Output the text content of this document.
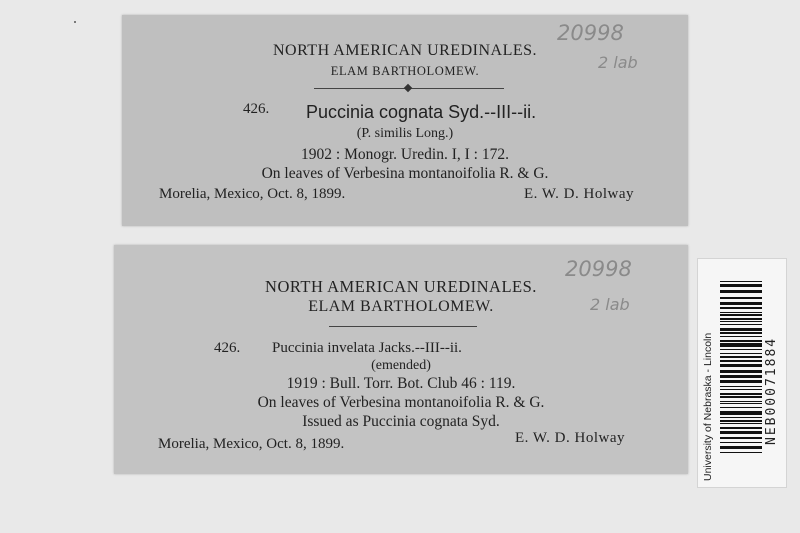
20998
2 lab
NORTH AMERICAN UREDINALES.
ELAM BARTHOLOMEW.
426. Puccinia cognata Syd.--III--ii.
(P. similis Long.)
1902 : Monogr. Uredin. I, I : 172.
On leaves of Verbesina montanoifolia R. & G.
Morelia, Mexico, Oct. 8, 1899.	E. W. D. Holway
20998
2 lab
NORTH AMERICAN UREDINALES.
ELAM BARTHOLOMEW.
426. Puccinia invelata Jacks.--III--ii.
(emended)
1919 : Bull. Torr. Bot. Club 46 : 119.
On leaves of Verbesina montanoifolia R. & G.
Issued as Puccinia cognata Syd.
Morelia, Mexico, Oct. 8, 1899.	E. W. D. Holway	University of Nebraska - Lincoln	NEB00071884
